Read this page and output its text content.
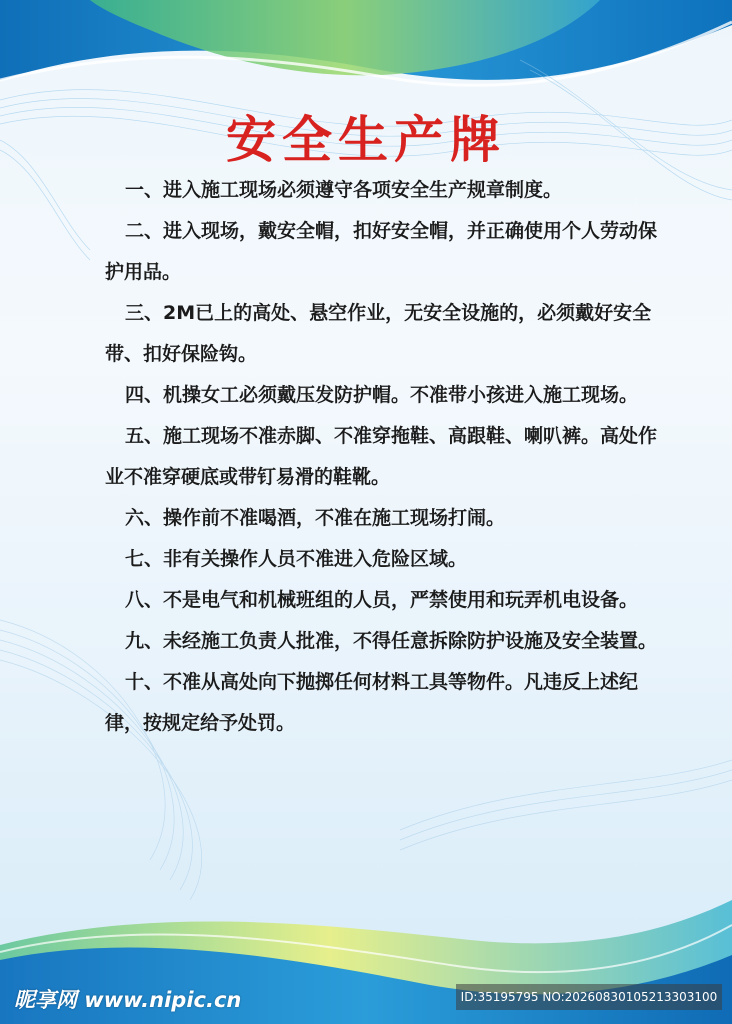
安全生产牌

一、进入施工现场必须遵守各项安全生产规章制度。

二、进入现场，戴安全帽，扣好安全帽，并正确使用个人劳动保护用品。

三、2M已上的高处、悬空作业，无安全设施的，必须戴好安全带、扣好保险钩。

四、机操女工必须戴压发防护帽。不准带小孩进入施工现场。

五、施工现场不准赤脚、不准穿拖鞋、高跟鞋、喇叭裤。高处作业不准穿硬底或带钉易滑的鞋靴。

六、操作前不准喝酒，不准在施工现场打闹。

七、非有关操作人员不准进入危险区域。

八、不是电气和机械班组的人员，严禁使用和玩弄机电设备。

九、未经施工负责人批准，不得任意拆除防护设施及安全装置。

十、不准从高处向下抛掷任何材料工具等物件。凡违反上述纪律，按规定给予处罚。

昵享网 www.nipic.cn	ID:35195795 NO:20260830105213303100
